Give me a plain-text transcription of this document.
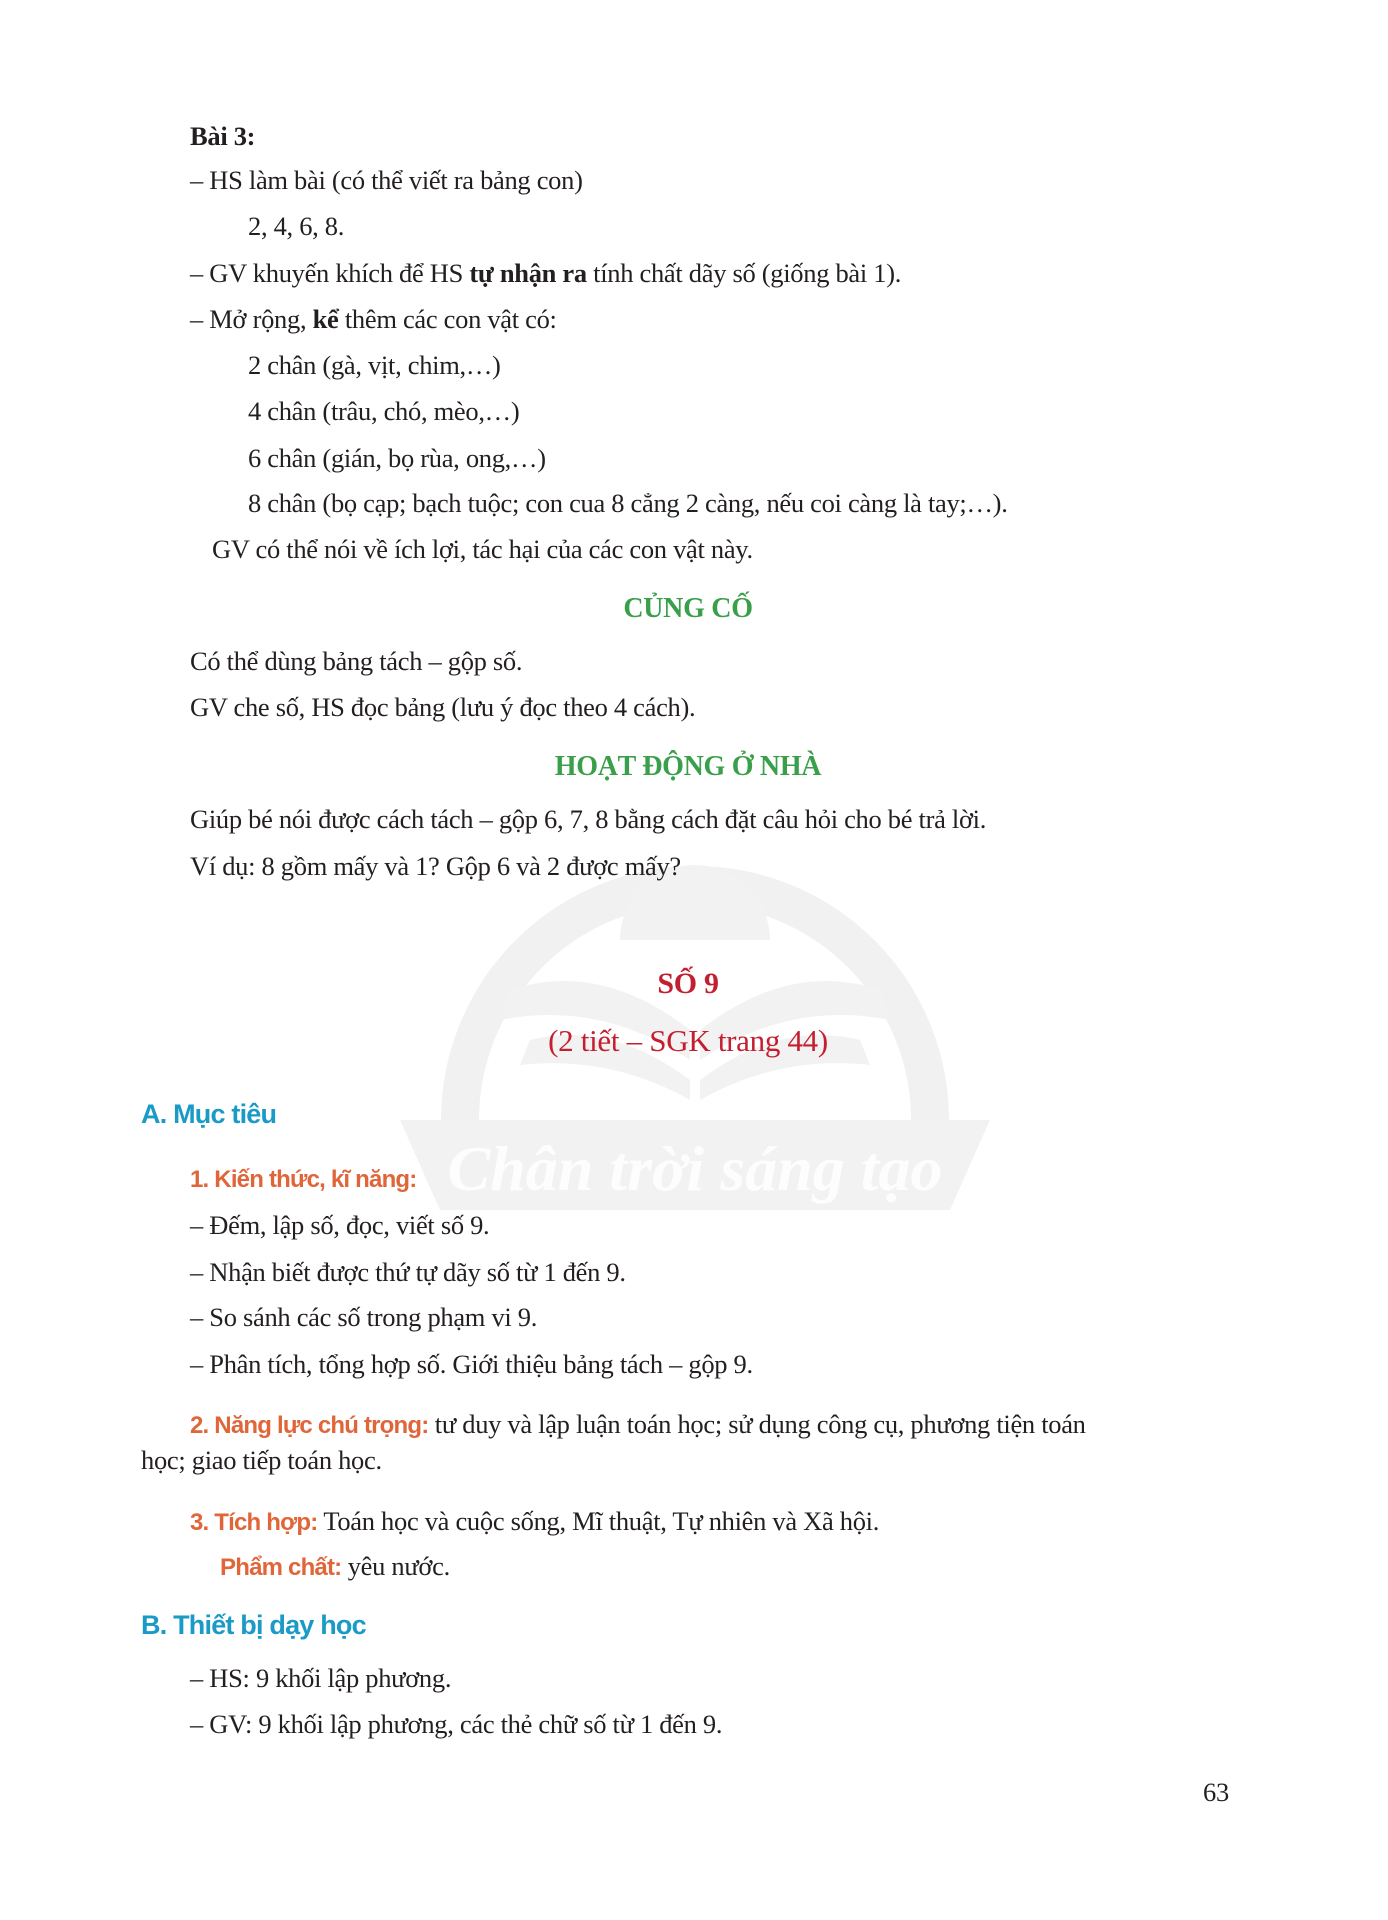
Chân trời sáng tạo
Bài 3:
– HS làm bài (có thể viết ra bảng con)
2, 4, 6, 8.
– GV khuyến khích để HS tự nhận ra tính chất dãy số (giống bài 1).
– Mở rộng, kể thêm các con vật có:
2 chân (gà, vịt, chim,…)
4 chân (trâu, chó, mèo,…)
6 chân (gián, bọ rùa, ong,…)
8 chân (bọ cạp; bạch tuộc; con cua 8 cẳng 2 càng, nếu coi càng là tay;…).
GV có thể nói về ích lợi, tác hại của các con vật này.
CỦNG CỐ
Có thể dùng bảng tách – gộp số.
GV che số, HS đọc bảng (lưu ý đọc theo 4 cách).
HOẠT ĐỘNG Ở NHÀ
Giúp bé nói được cách tách – gộp 6, 7, 8 bằng cách đặt câu hỏi cho bé trả lời.
Ví dụ: 8 gồm mấy và 1? Gộp 6 và 2 được mấy?
SỐ 9
(2 tiết – SGK trang 44)
A. Mục tiêu
1. Kiến thức, kĩ năng:
– Đếm, lập số, đọc, viết số 9.
– Nhận biết được thứ tự dãy số từ 1 đến 9.
– So sánh các số trong phạm vi 9.
– Phân tích, tổng hợp số. Giới thiệu bảng tách – gộp 9.
2. Năng lực chú trọng: tư duy và lập luận toán học; sử dụng công cụ, phương tiện toán
học; giao tiếp toán học.
3. Tích hợp: Toán học và cuộc sống, Mĩ thuật, Tự nhiên và Xã hội.
Phẩm chất: yêu nước.
B. Thiết bị dạy học
– HS: 9 khối lập phương.
– GV: 9 khối lập phương, các thẻ chữ số từ 1 đến 9.
63
